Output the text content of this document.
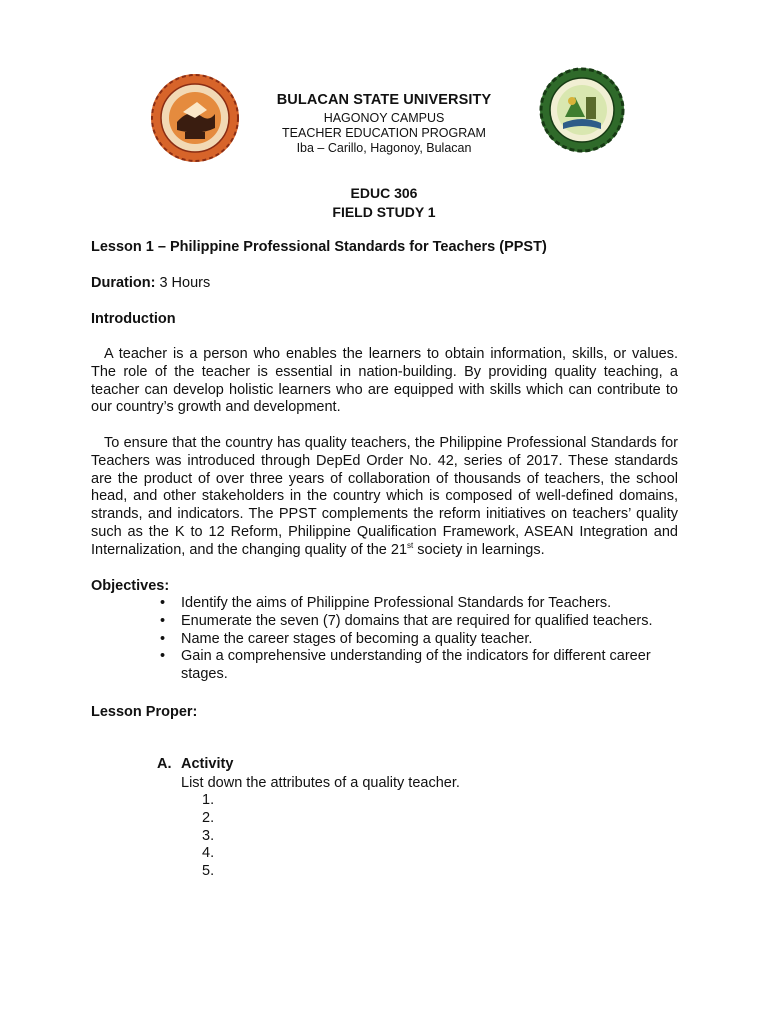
BULACAN STATE UNIVERSITY
HAGONOY CAMPUS
TEACHER EDUCATION PROGRAM
Iba – Carillo, Hagonoy, Bulacan
EDUC 306
FIELD STUDY 1
Lesson 1 – Philippine Professional Standards for Teachers (PPST)
Duration: 3 Hours
Introduction
A teacher is a person who enables the learners to obtain information, skills, or values. The role of the teacher is essential in nation-building. By providing quality teaching, a teacher can develop holistic learners who are equipped with skills which can contribute to our country’s growth and development.
To ensure that the country has quality teachers, the Philippine Professional Standards for Teachers was introduced through DepEd Order No. 42, series of 2017. These standards are the product of over three years of collaboration of thousands of teachers, the school head, and other stakeholders in the country which is composed of well-defined domains, strands, and indicators. The PPST complements the reform initiatives on teachers’ quality such as the K to 12 Reform, Philippine Qualification Framework, ASEAN Integration and Internalization, and the changing quality of the 21st society in learnings.
Objectives:
• Identify the aims of Philippine Professional Standards for Teachers.
• Enumerate the seven (7) domains that are required for qualified teachers.
• Name the career stages of becoming a quality teacher.
• Gain a comprehensive understanding of the indicators for different career stages.
Lesson Proper:
A. Activity
List down the attributes of a quality teacher.
1.
2.
3.
4.
5.
